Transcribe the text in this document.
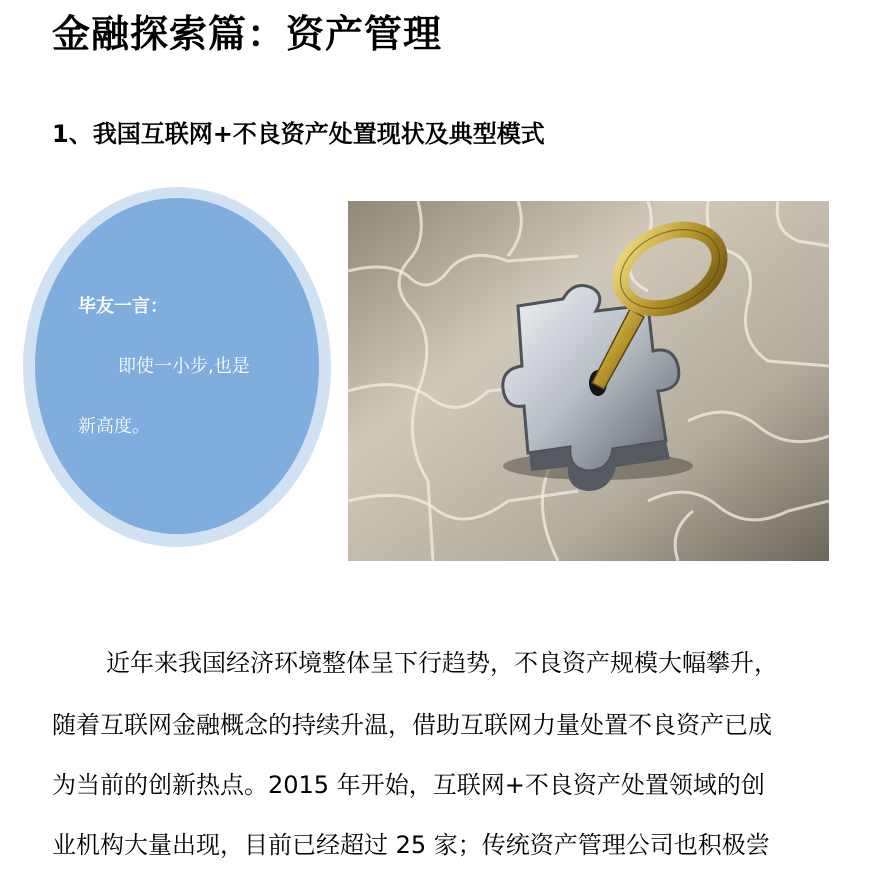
金融探索篇：资产管理
1、我国互联网+不良资产处置现状及典型模式

毕友一言：

即使一小步,也是

新高度。

近年来我国经济环境整体呈下行趋势，不良资产规模大幅攀升，

随着互联网金融概念的持续升温，借助互联网力量处置不良资产已成

为当前的创新热点。2015 年开始，互联网+不良资产处置领域的创

业机构大量出现，目前已经超过 25 家；传统资产管理公司也积极尝
